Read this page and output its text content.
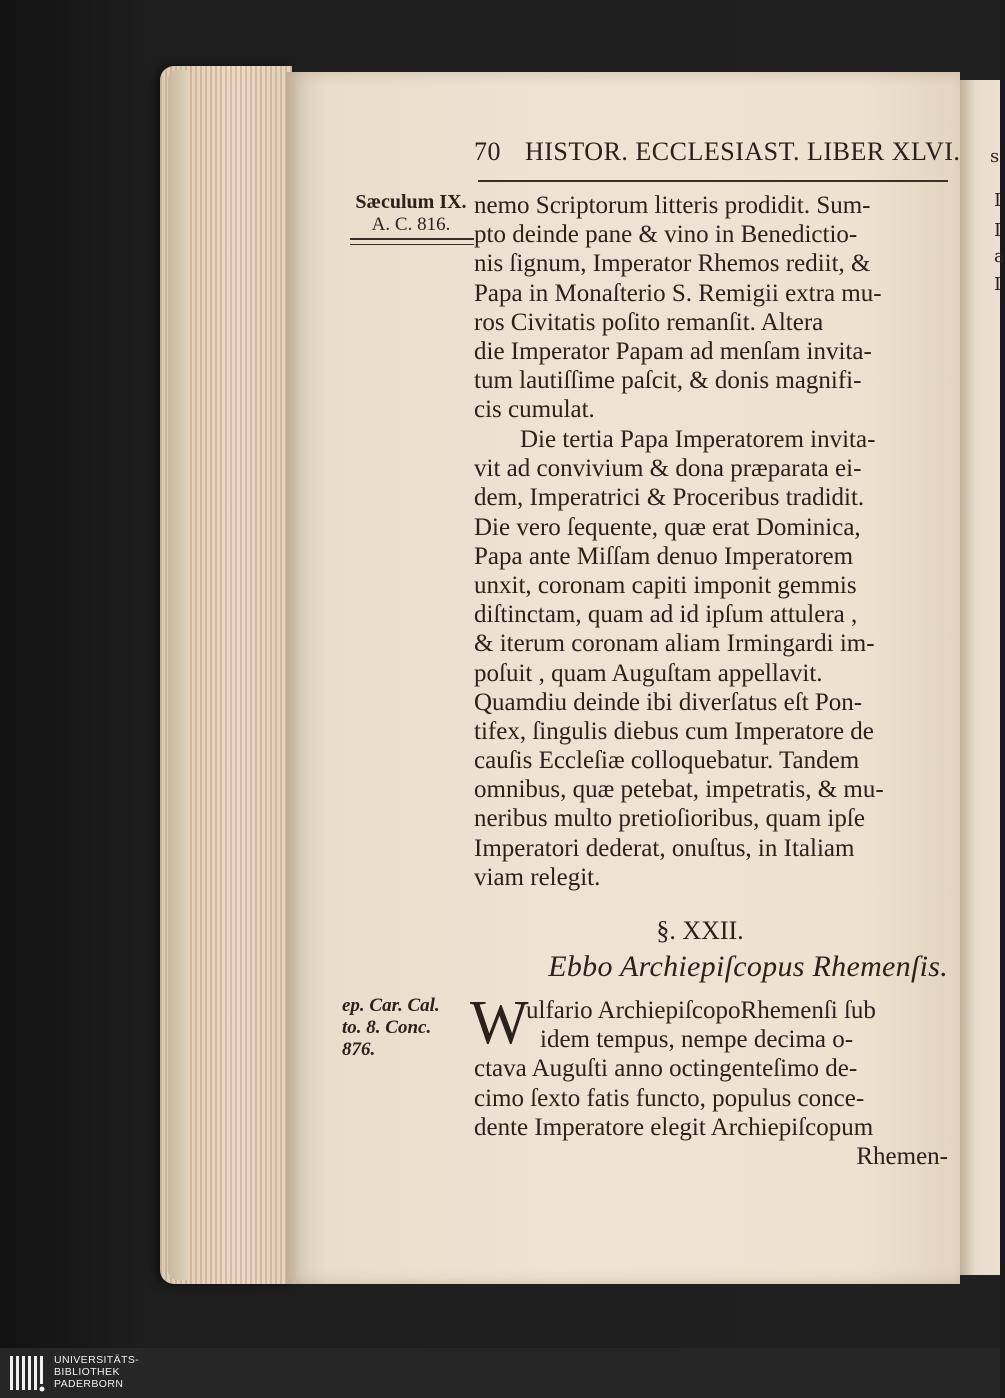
s
I
I
a
I
70 HISTOR. ECCLESIAST. LIBER XLVI.
Sæculum IX.
A. C. 816.
ep. Car. Cal.
to. 8. Conc.
876.
nemo Scriptorum litteris prodidit. Sum-
pto deinde pane & vino in Benedictio-
nis ſignum, Imperator Rhemos rediit, &
Papa in Monaſterio S. Remigii extra mu-
ros Civitatis poſito remanſit. Altera
die Imperator Papam ad menſam invita-
tum lautiſſime paſcit, & donis magnifi-
cis cumulat.
Die tertia Papa Imperatorem invita-
vit ad convivium & dona præparata ei-
dem, Imperatrici & Proceribus tradidit.
Die vero ſequente, quæ erat Dominica,
Papa ante Miſſam denuo Imperatorem
unxit, coronam capiti imponit gemmis
diſtinctam, quam ad id ipſum attulera ,
& iterum coronam aliam Irmingardi im-
poſuit , quam Auguſtam appellavit.
Quamdiu deinde ibi diverſatus eſt Pon-
tifex, ſingulis diebus cum Imperatore de
cauſis Eccleſiæ colloquebatur. Tandem
omnibus, quæ petebat, impetratis, & mu-
neribus multo pretioſioribus, quam ipſe
Imperatori dederat, onuſtus, in Italiam
viam relegit.
§. XXII.
Ebbo Archiepiſcopus Rhemenſis.
W
ulfario ArchiepiſcopoRhemenſi ſub
idem tempus, nempe decima o-
ctava Auguſti anno octingenteſimo de-
cimo ſexto fatis functo, populus conce-
dente Imperatore elegit Archiepiſcopum
Rhemen-
UNIVERSITÄTS-
BIBLIOTHEK
PADERBORN
